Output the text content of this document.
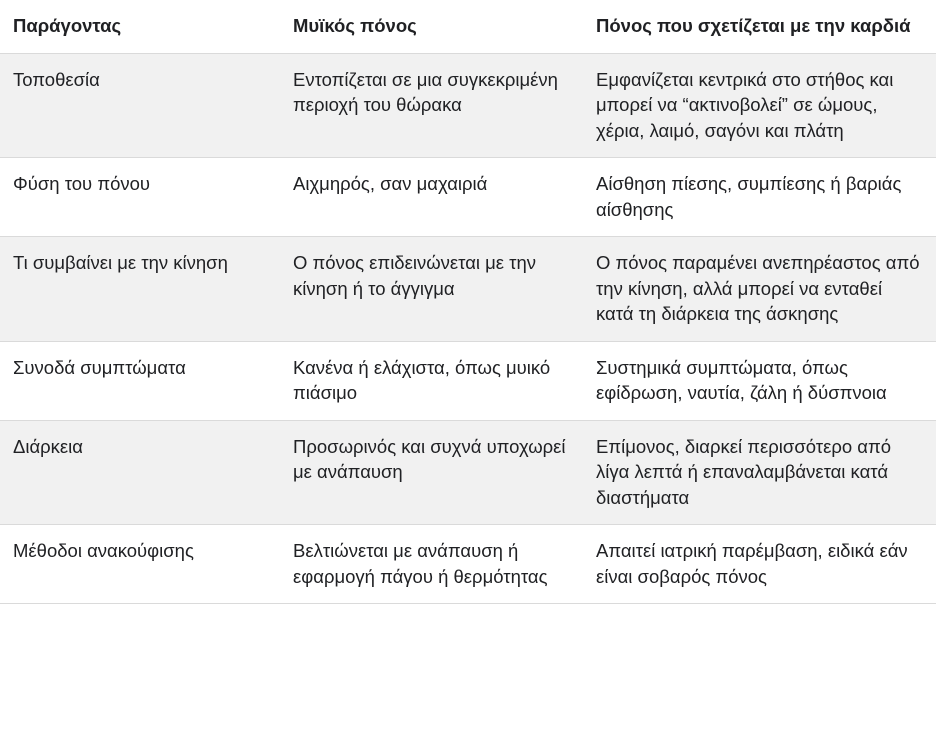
Παράγοντας	Μυϊκός πόνος	Πόνος που σχετίζεται με την καρδιά
Τοποθεσία	Εντοπίζεται σε μια συγκεκριμένη περιοχή του θώρακα	Εμφανίζεται κεντρικά στο στήθος και μπορεί να “ακτινοβολεί” σε ώμους, χέρια, λαιμό, σαγόνι και πλάτη
Φύση του πόνου	Αιχμηρός, σαν μαχαιριά	Αίσθηση πίεσης, συμπίεσης ή βαριάς αίσθησης
Τι συμβαίνει με την κίνηση	Ο πόνος επιδεινώνεται με την κίνηση ή το άγγιγμα	Ο πόνος παραμένει ανεπηρέαστος από την κίνηση, αλλά μπορεί να ενταθεί κατά τη διάρκεια της άσκησης
Συνοδά συμπτώματα	Κανένα ή ελάχιστα, όπως μυικό πιάσιμο	Συστημικά συμπτώματα, όπως εφίδρωση, ναυτία, ζάλη ή δύσπνοια
Διάρκεια	Προσωρινός και συχνά υποχωρεί με ανάπαυση	Επίμονος, διαρκεί περισσότερο από λίγα λεπτά ή επαναλαμβάνεται κατά διαστήματα
Μέθοδοι ανακούφισης	Βελτιώνεται με ανάπαυση ή εφαρμογή πάγου ή θερμότητας	Απαιτεί ιατρική παρέμβαση, ειδικά εάν είναι σοβαρός πόνος
